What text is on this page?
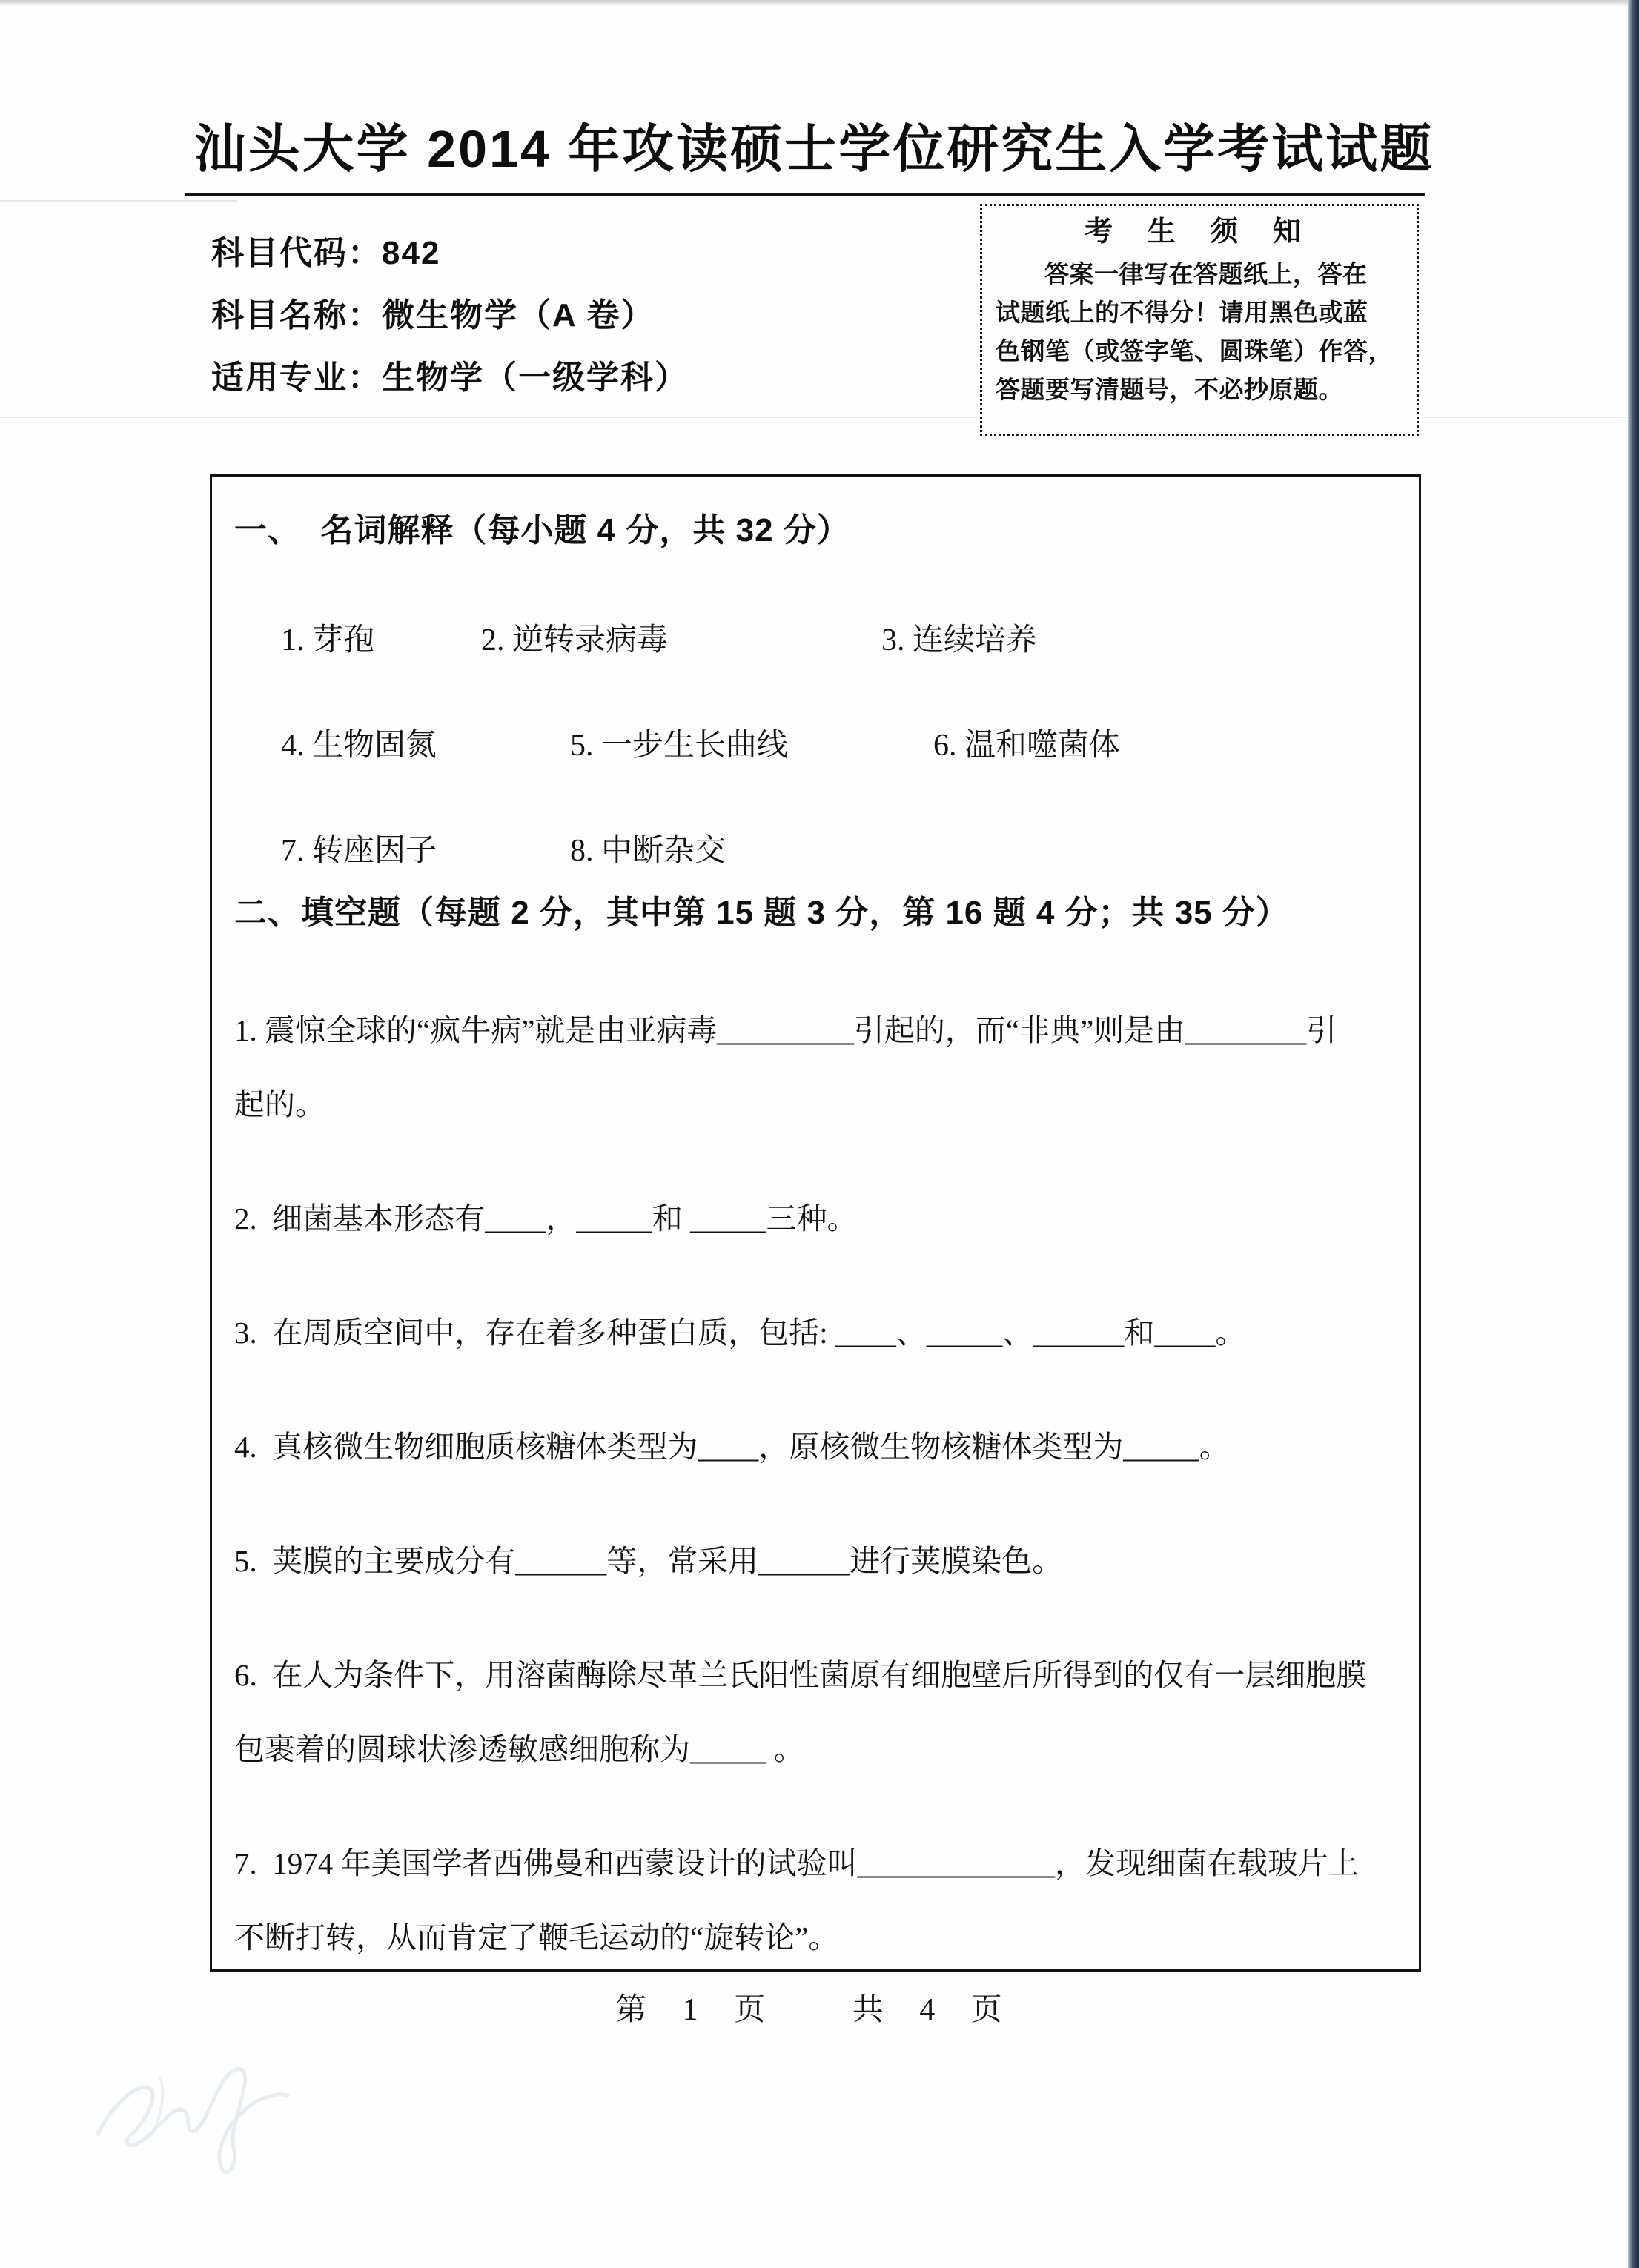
汕头大学 2014 年攻读硕士学位研究生入学考试试题
科目代码：842
科目名称：微生物学（A 卷）
适用专业：生物学（一级学科）
考 生 须 知
答案一律写在答题纸上，答在
试题纸上的不得分！请用黑色或蓝
色钢笔（或签字笔、圆珠笔）作答，
答题要写清题号，不必抄原题。
一、  名词解释（每小题 4 分，共 32 分）

1. 芽孢	2. 逆转录病毒	3. 连续培养

4. 生物固氮	5. 一步生长曲线	6. 温和噬菌体

7. 转座因子	8. 中断杂交

二、填空题（每题 2 分，其中第 15 题 3 分，第 16 题 4 分；共 35 分）
1. 震惊全球的“疯牛病”就是由亚病毒_________引起的，而“非典”则是由________引
起的。
2.  细菌基本形态有____，_____和 _____三种。
3.  在周质空间中，存在着多种蛋白质，包括: ____、_____、______和____。
4.  真核微生物细胞质核糖体类型为____，原核微生物核糖体类型为_____。
5.  荚膜的主要成分有______等，常采用______进行荚膜染色。
6.  在人为条件下，用溶菌酶除尽革兰氏阳性菌原有细胞壁后所得到的仅有一层细胞膜
包裹着的圆球状渗透敏感细胞称为_____ 。
7.  1974 年美国学者西佛曼和西蒙设计的试验叫_____________，发现细菌在载玻片上
不断打转，从而肯定了鞭毛运动的“旋转论”。
第 1 页   共 4 页
